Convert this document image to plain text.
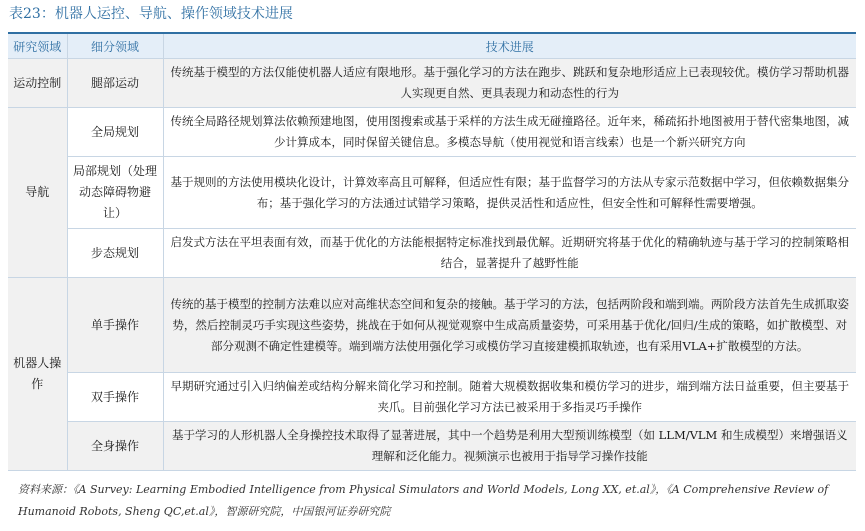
表23：机器人运控、导航、操作领域技术进展
研究领域	细分领域	技术进展
运动控制	腿部运动	传统基于模型的方法仅能使机器人适应有限地形。基于强化学习的方法在跑步、跳跃和复杂地形适应上已表现较优。模仿学习帮助机器人实现更自然、更具表现力和动态性的行为
导航	全局规划	传统全局路径规划算法依赖预建地图，使用图搜索或基于采样的方法生成无碰撞路径。近年来，稀疏拓扑地图被用于替代密集地图，减少计算成本，同时保留关键信息。多模态导航（使用视觉和语言线索）也是一个新兴研究方向
	局部规划（处理动态障碍物避让）	基于规则的方法使用模块化设计，计算效率高且可解释，但适应性有限；基于监督学习的方法从专家示范数据中学习，但依赖数据集分布；基于强化学习的方法通过试错学习策略，提供灵活性和适应性，但安全性和可解释性需要增强。
	步态规划	启发式方法在平坦表面有效，而基于优化的方法能根据特定标准找到最优解。近期研究将基于优化的精确轨迹与基于学习的控制策略相结合，显著提升了越野性能
机器人操作	单手操作	传统的基于模型的控制方法难以应对高维状态空间和复杂的接触。基于学习的方法，包括两阶段和端到端。两阶段方法首先生成抓取姿势，然后控制灵巧手实现这些姿势，挑战在于如何从视觉观察中生成高质量姿势，可采用基于优化/回归/生成的策略，如扩散模型、对部分观测不确定性建模等。端到端方法使用强化学习或模仿学习直接建模抓取轨迹，也有采用VLA+扩散模型的方法。
	双手操作	早期研究通过引入归纳偏差或结构分解来简化学习和控制。随着大规模数据收集和模仿学习的进步，端到端方法日益重要，但主要基于夹爪。目前强化学习方法已被采用于多指灵巧手操作
	全身操作	基于学习的人形机器人全身操控技术取得了显著进展，其中一个趋势是利用大型预训练模型（如 LLM/VLM 和生成模型）来增强语义理解和泛化能力。视频演示也被用于指导学习操作技能
资料来源：《A Survey: Learning Embodied Intelligence from Physical Simulators and World Models, Long XX, et.al》，《A Comprehensive Review of Humanoid Robots, Sheng QC,et.al》，智源研究院，中国银河证券研究院
